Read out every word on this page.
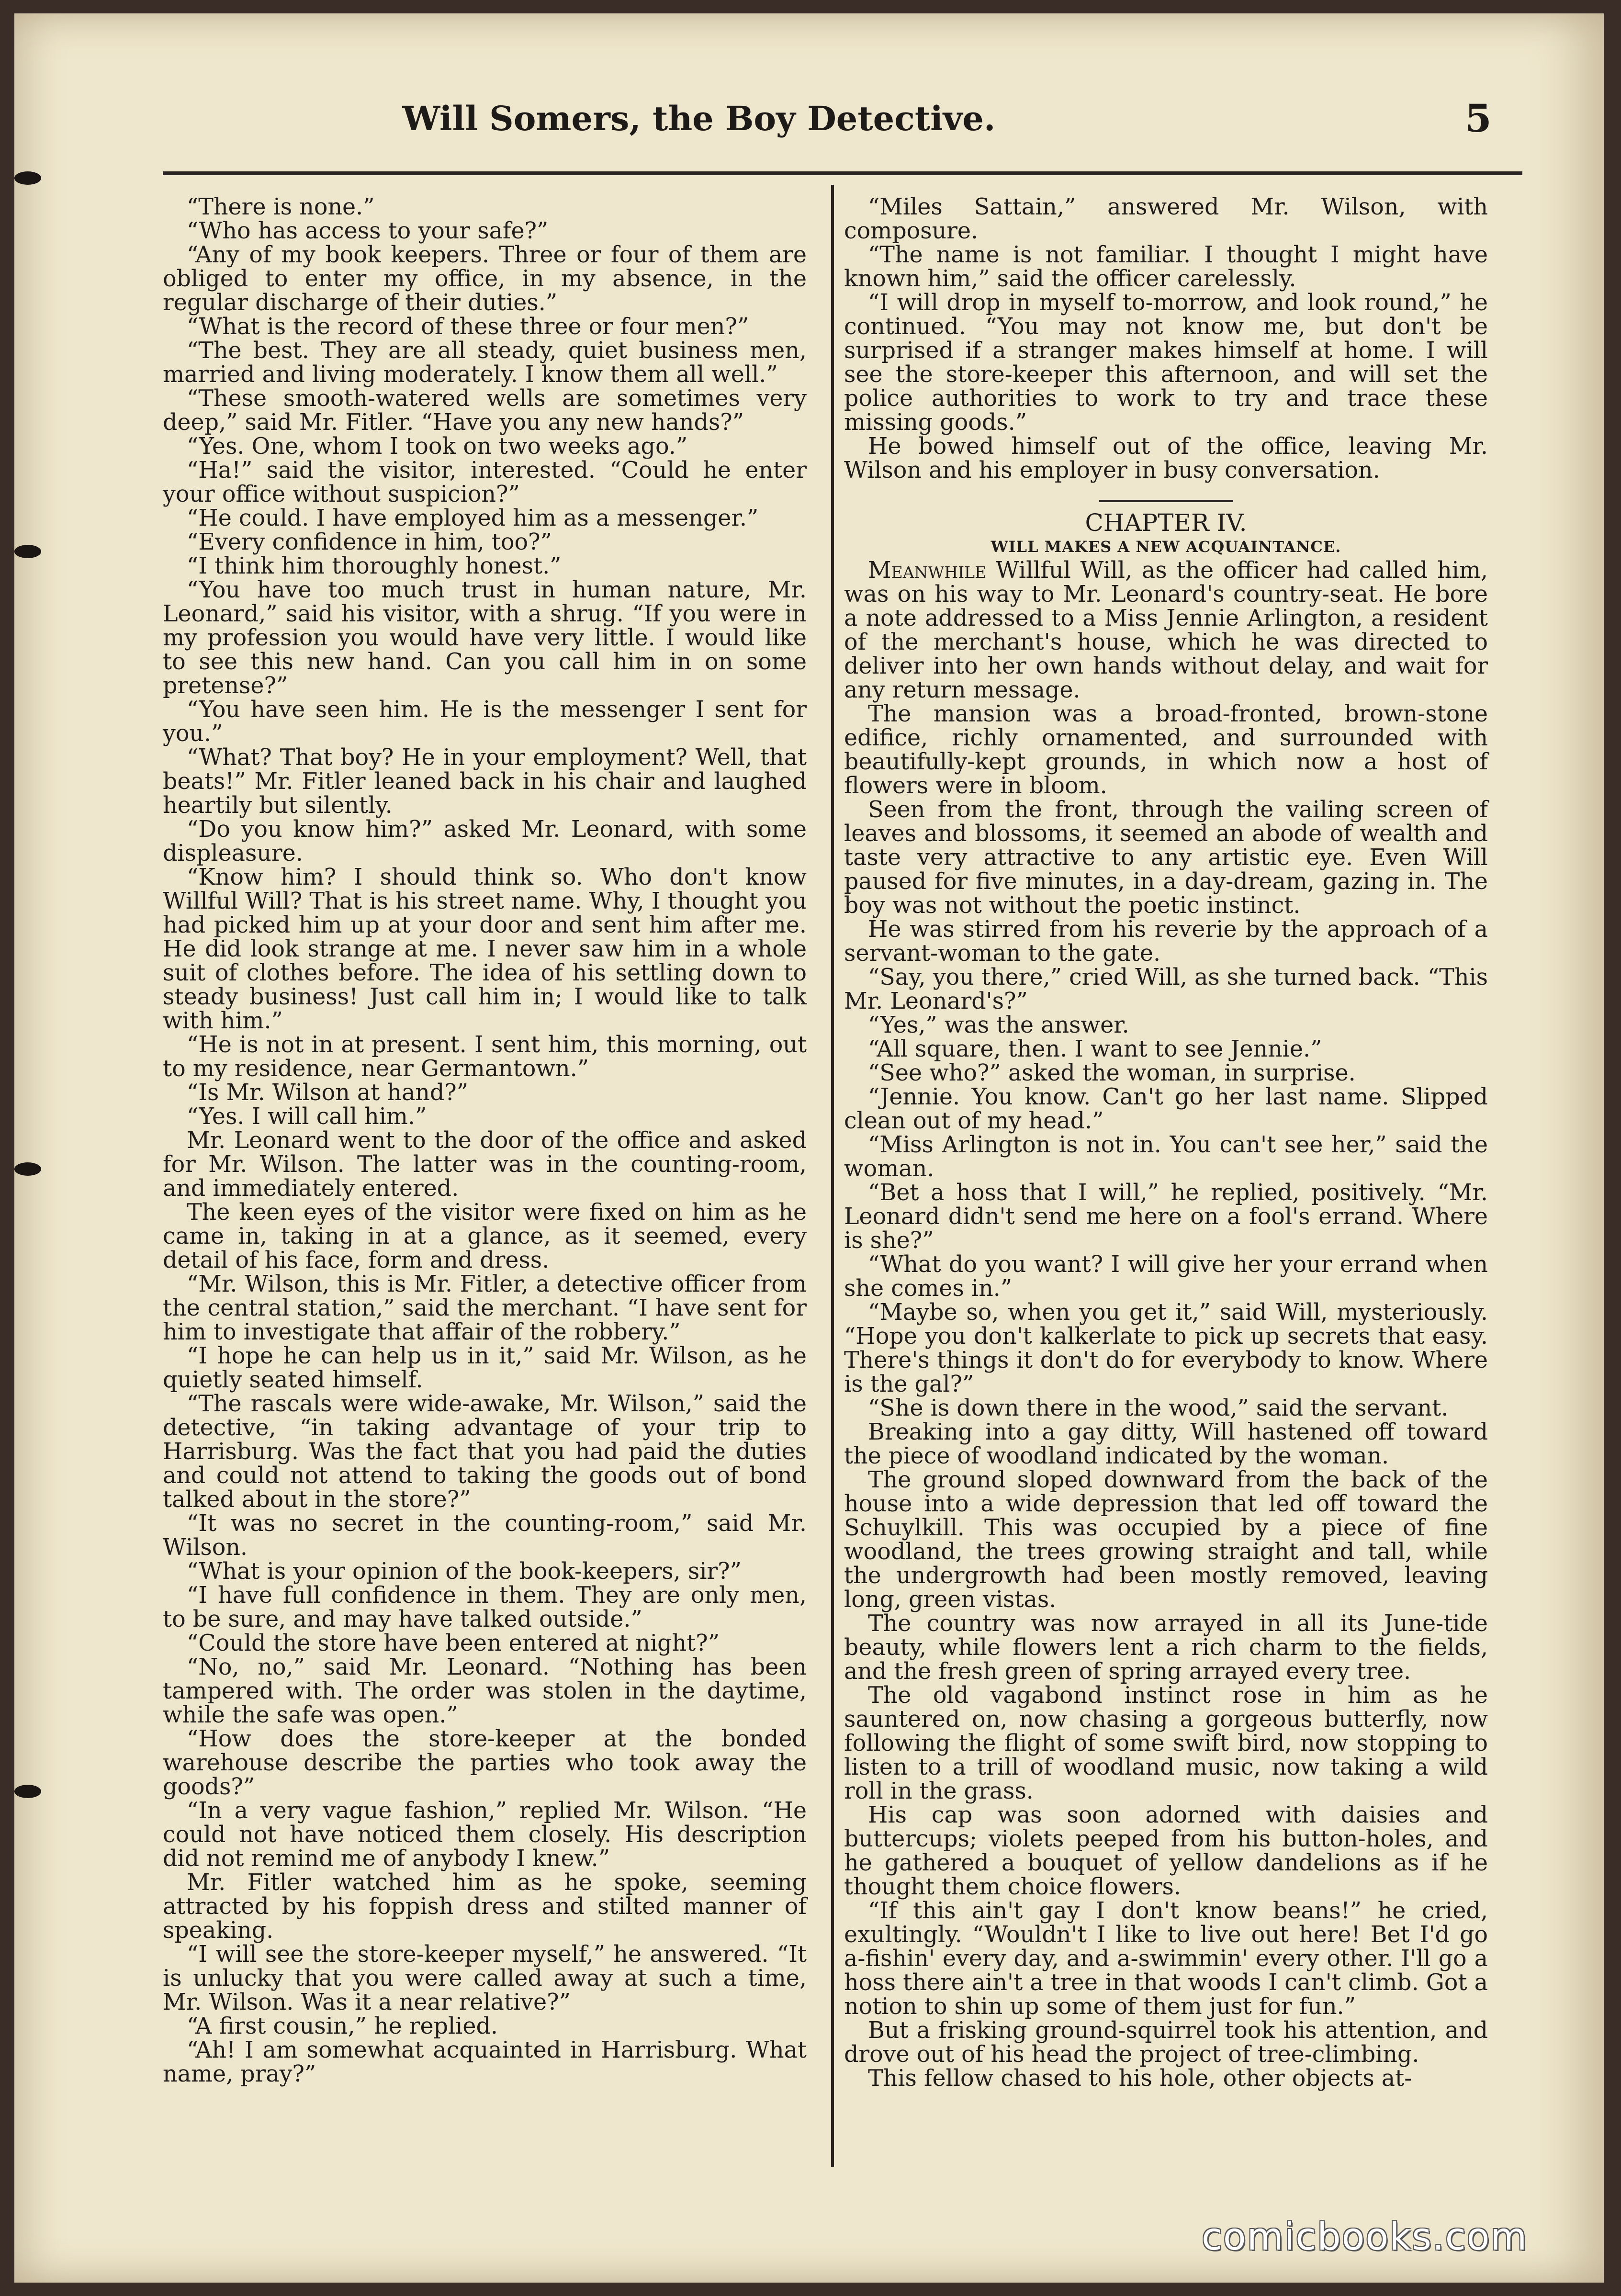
Will Somers, the Boy Detective.	5

“There is none.”

“Who has access to your safe?”

“Any of my book keepers. Three or four of them are obliged to enter my office, in my absence, in the regular discharge of their duties.”

“What is the record of these three or four men?”

“The best. They are all steady, quiet business men, married and living moderately. I know them all well.”

“These smooth-watered wells are sometimes very deep,” said Mr. Fitler. “Have you any new hands?”

“Yes. One, whom I took on two weeks ago.”

“Ha!” said the visitor, interested. “Could he enter your office without suspicion?”

“He could. I have employed him as a messenger.”

“Every confidence in him, too?”

“I think him thoroughly honest.”

“You have too much trust in human nature, Mr. Leonard,” said his visitor, with a shrug. “If you were in my profession you would have very little. I would like to see this new hand. Can you call him in on some pretense?”

“You have seen him. He is the messenger I sent for you.”

“What? That boy? He in your employment? Well, that beats!” Mr. Fitler leaned back in his chair and laughed heartily but silently.

“Do you know him?” asked Mr. Leonard, with some displeasure.

“Know him? I should think so. Who don't know Willful Will? That is his street name. Why, I thought you had picked him up at your door and sent him after me. He did look strange at me. I never saw him in a whole suit of clothes before. The idea of his settling down to steady business! Just call him in; I would like to talk with him.”

“He is not in at present. I sent him, this morning, out to my residence, near Germantown.”

“Is Mr. Wilson at hand?”

“Yes. I will call him.”

Mr. Leonard went to the door of the office and asked for Mr. Wilson. The latter was in the counting-room, and immediately entered.

The keen eyes of the visitor were fixed on him as he came in, taking in at a glance, as it seemed, every detail of his face, form and dress.

“Mr. Wilson, this is Mr. Fitler, a detective officer from the central station,” said the merchant. “I have sent for him to investigate that affair of the robbery.”

“I hope he can help us in it,” said Mr. Wilson, as he quietly seated himself.

“The rascals were wide-awake, Mr. Wilson,” said the detective, “in taking advantage of your trip to Harrisburg. Was the fact that you had paid the duties and could not attend to taking the goods out of bond talked about in the store?”

“It was no secret in the counting-room,” said Mr. Wilson.

“What is your opinion of the book-keepers, sir?”

“I have full confidence in them. They are only men, to be sure, and may have talked outside.”

“Could the store have been entered at night?”

“No, no,” said Mr. Leonard. “Nothing has been tampered with. The order was stolen in the daytime, while the safe was open.”

“How does the store-keeper at the bonded warehouse describe the parties who took away the goods?”

“In a very vague fashion,” replied Mr. Wilson. “He could not have noticed them closely. His description did not remind me of anybody I knew.”

Mr. Fitler watched him as he spoke, seeming attracted by his foppish dress and stilted manner of speaking.

“I will see the store-keeper myself,” he answered. “It is unlucky that you were called away at such a time, Mr. Wilson. Was it a near relative?”

“A first cousin,” he replied.

“Ah! I am somewhat acquainted in Harrisburg. What name, pray?”

“Miles Sattain,” answered Mr. Wilson, with composure.

“The name is not familiar. I thought I might have known him,” said the officer carelessly.

“I will drop in myself to-morrow, and look round,” he continued. “You may not know me, but don't be surprised if a stranger makes himself at home. I will see the store-keeper this afternoon, and will set the police authorities to work to try and trace these missing goods.”

He bowed himself out of the office, leaving Mr. Wilson and his employer in busy conversation.

CHAPTER IV.

WILL MAKES A NEW ACQUAINTANCE.

Meanwhile Willful Will, as the officer had called him, was on his way to Mr. Leonard's country-seat. He bore a note addressed to a Miss Jennie Arlington, a resident of the merchant's house, which he was directed to deliver into her own hands without delay, and wait for any return message.

The mansion was a broad-fronted, brown-stone edifice, richly ornamented, and surrounded with beautifully-kept grounds, in which now a host of flowers were in bloom.

Seen from the front, through the vailing screen of leaves and blossoms, it seemed an abode of wealth and taste very attractive to any artistic eye. Even Will paused for five minutes, in a day-dream, gazing in. The boy was not without the poetic instinct.

He was stirred from his reverie by the approach of a servant-woman to the gate.

“Say, you there,” cried Will, as she turned back. “This Mr. Leonard's?”

“Yes,” was the answer.

“All square, then. I want to see Jennie.”

“See who?” asked the woman, in surprise.

“Jennie. You know. Can't go her last name. Slipped clean out of my head.”

“Miss Arlington is not in. You can't see her,” said the woman.

“Bet a hoss that I will,” he replied, positively. “Mr. Leonard didn't send me here on a fool's errand. Where is she?”

“What do you want? I will give her your errand when she comes in.”

“Maybe so, when you get it,” said Will, mysteriously. “Hope you don't kalkerlate to pick up secrets that easy. There's things it don't do for everybody to know. Where is the gal?”

“She is down there in the wood,” said the servant.

Breaking into a gay ditty, Will hastened off toward the piece of woodland indicated by the woman.

The ground sloped downward from the back of the house into a wide depression that led off toward the Schuylkill. This was occupied by a piece of fine woodland, the trees growing straight and tall, while the undergrowth had been mostly removed, leaving long, green vistas.

The country was now arrayed in all its June-tide beauty, while flowers lent a rich charm to the fields, and the fresh green of spring arrayed every tree.

The old vagabond instinct rose in him as he sauntered on, now chasing a gorgeous butterfly, now following the flight of some swift bird, now stopping to listen to a trill of woodland music, now taking a wild roll in the grass.

His cap was soon adorned with daisies and buttercups; violets peeped from his button-holes, and he gathered a bouquet of yellow dandelions as if he thought them choice flowers.

“If this ain't gay I don't know beans!” he cried, exultingly. “Wouldn't I like to live out here! Bet I'd go a-fishin' every day, and a-swimmin' every other. I'll go a hoss there ain't a tree in that woods I can't climb. Got a notion to shin up some of them just for fun.”

But a frisking ground-squirrel took his attention, and drove out of his head the project of tree-climbing.

This fellow chased to his hole, other objects at-

comicbooks.com
